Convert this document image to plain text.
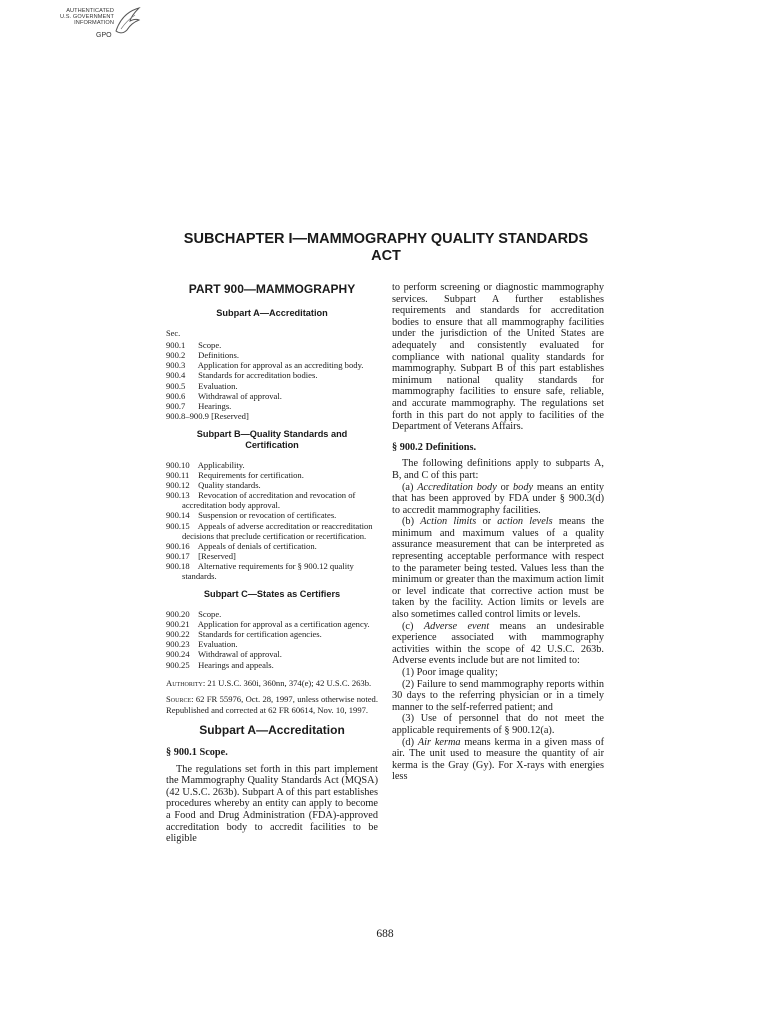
AUTHENTICATED
U.S. GOVERNMENT
INFORMATION
GPO
SUBCHAPTER I—MAMMOGRAPHY QUALITY STANDARDS
ACT
PART 900—MAMMOGRAPHY
Subpart A—Accreditation
Sec.
900.1 Scope.
900.2 Definitions.
900.3 Application for approval as an accrediting body.
900.4 Standards for accreditation bodies.
900.5 Evaluation.
900.6 Withdrawal of approval.
900.7 Hearings.
900.8–900.9 [Reserved]
Subpart B—Quality Standards and
Certification
900.10 Applicability.
900.11 Requirements for certification.
900.12 Quality standards.
900.13 Revocation of accreditation and revocation of accreditation body approval.
900.14 Suspension or revocation of certificates.
900.15 Appeals of adverse accreditation or reaccreditation decisions that preclude certification or recertification.
900.16 Appeals of denials of certification.
900.17 [Reserved]
900.18 Alternative requirements for § 900.12 quality standards.
Subpart C—States as Certifiers
900.20 Scope.
900.21 Application for approval as a certification agency.
900.22 Standards for certification agencies.
900.23 Evaluation.
900.24 Withdrawal of approval.
900.25 Hearings and appeals.

Authority: 21 U.S.C. 360i, 360nn, 374(e); 42 U.S.C. 263b.

Source: 62 FR 55976, Oct. 28, 1997, unless otherwise noted. Republished and corrected at 62 FR 60614, Nov. 10, 1997.

Subpart A—Accreditation
§ 900.1 Scope.

The regulations set forth in this part implement the Mammography Quality Standards Act (MQSA) (42 U.S.C. 263b). Subpart A of this part establishes procedures whereby an entity can apply to become a Food and Drug Administration (FDA)-approved accreditation body to accredit facilities to be eligible

to perform screening or diagnostic mammography services. Subpart A further establishes requirements and standards for accreditation bodies to ensure that all mammography facilities under the jurisdiction of the United States are adequately and consistently evaluated for compliance with national quality standards for mammography. Subpart B of this part establishes minimum national quality standards for mammography facilities to ensure safe, reliable, and accurate mammography. The regulations set forth in this part do not apply to facilities of the Department of Veterans Affairs.

§ 900.2 Definitions.

The following definitions apply to subparts A, B, and C of this part:

(a) Accreditation body or body means an entity that has been approved by FDA under § 900.3(d) to accredit mammography facilities.

(b) Action limits or action levels means the minimum and maximum values of a quality assurance measurement that can be interpreted as representing acceptable performance with respect to the parameter being tested. Values less than the minimum or greater than the maximum action limit or level indicate that corrective action must be taken by the facility. Action limits or levels are also sometimes called control limits or levels.

(c) Adverse event means an undesirable experience associated with mammography activities within the scope of 42 U.S.C. 263b. Adverse events include but are not limited to:

(1) Poor image quality;

(2) Failure to send mammography reports within 30 days to the referring physician or in a timely manner to the self-referred patient; and

(3) Use of personnel that do not meet the applicable requirements of § 900.12(a).

(d) Air kerma means kerma in a given mass of air. The unit used to measure the quantity of air kerma is the Gray (Gy). For X-rays with energies less

688
